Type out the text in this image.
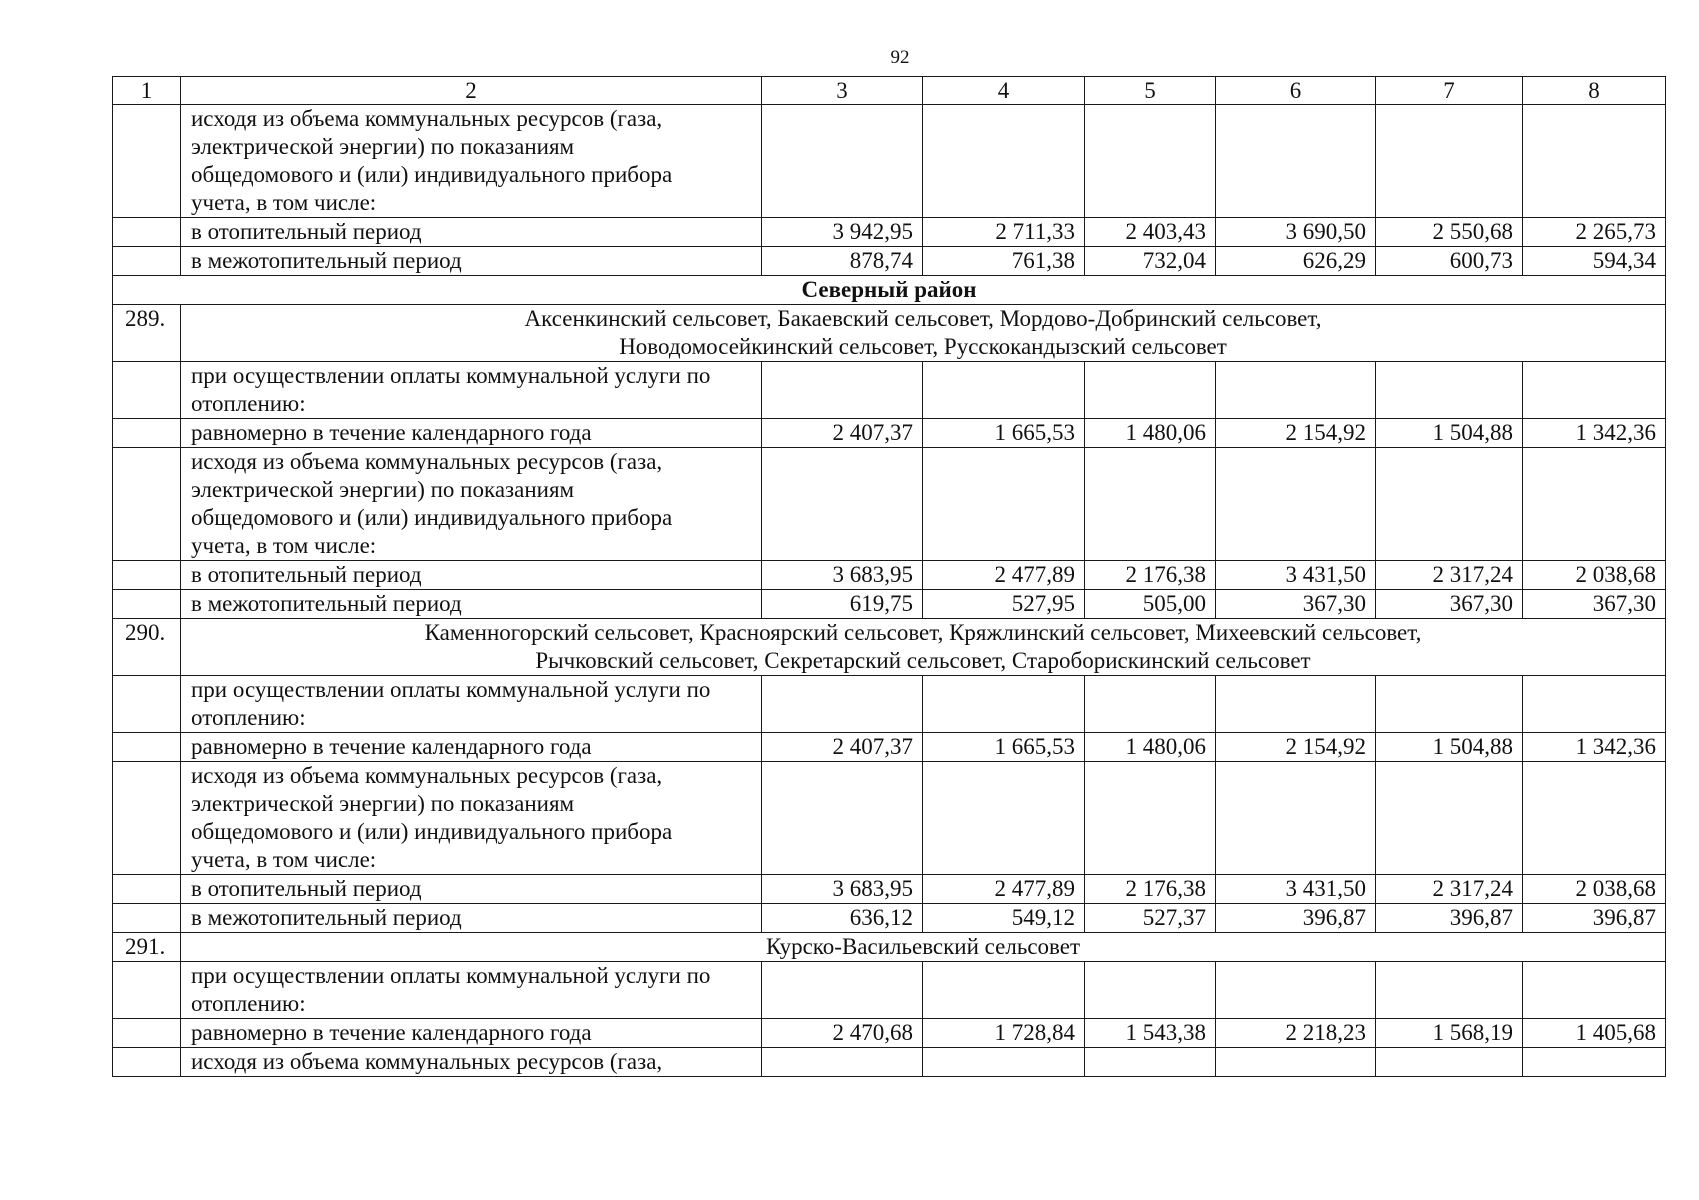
92
1	2	3	4	5	6	7	8

	исходя из объема коммунальных ресурсов (газа,
электрической энергии) по показаниям
общедомового и (или) индивидуального прибора
учета, в том числе:						

	в отопительный период	3 942,95	2 711,33	2 403,43	3 690,50	2 550,68	2 265,73
	в межотопительный период	878,74	761,38	732,04	626,29	600,73	594,34
Северный район							
289.	Аксенкинский сельсовет, Бакаевский сельсовет, Мордово-Добринский сельсовет,
Новодомосейкинский сельсовет, Русскокандызский сельсовет						

	при осуществлении оплаты коммунальной услуги по
отоплению:						

	равномерно в течение календарного года	2 407,37	1 665,53	1 480,06	2 154,92	1 504,88	1 342,36

	исходя из объема коммунальных ресурсов (газа,
электрической энергии) по показаниям
общедомового и (или) индивидуального прибора
учета, в том числе:						

	в отопительный период	3 683,95	2 477,89	2 176,38	3 431,50	2 317,24	2 038,68
	в межотопительный период	619,75	527,95	505,00	367,30	367,30	367,30
290.	Каменногорский сельсовет, Красноярский сельсовет, Кряжлинский сельсовет, Михеевский сельсовет,
Рычковский сельсовет, Секретарский сельсовет, Староборискинский сельсовет						

	при осуществлении оплаты коммунальной услуги по
отоплению:						

	равномерно в течение календарного года	2 407,37	1 665,53	1 480,06	2 154,92	1 504,88	1 342,36

	исходя из объема коммунальных ресурсов (газа,
электрической энергии) по показаниям
общедомового и (или) индивидуального прибора
учета, в том числе:						

	в отопительный период	3 683,95	2 477,89	2 176,38	3 431,50	2 317,24	2 038,68
	в межотопительный период	636,12	549,12	527,37	396,87	396,87	396,87
291.	Курско-Васильевский сельсовет						

	при осуществлении оплаты коммунальной услуги по
отоплению:						

	равномерно в течение календарного года	2 470,68	1 728,84	1 543,38	2 218,23	1 568,19	1 405,68

	исходя из объема коммунальных ресурсов (газа,						
